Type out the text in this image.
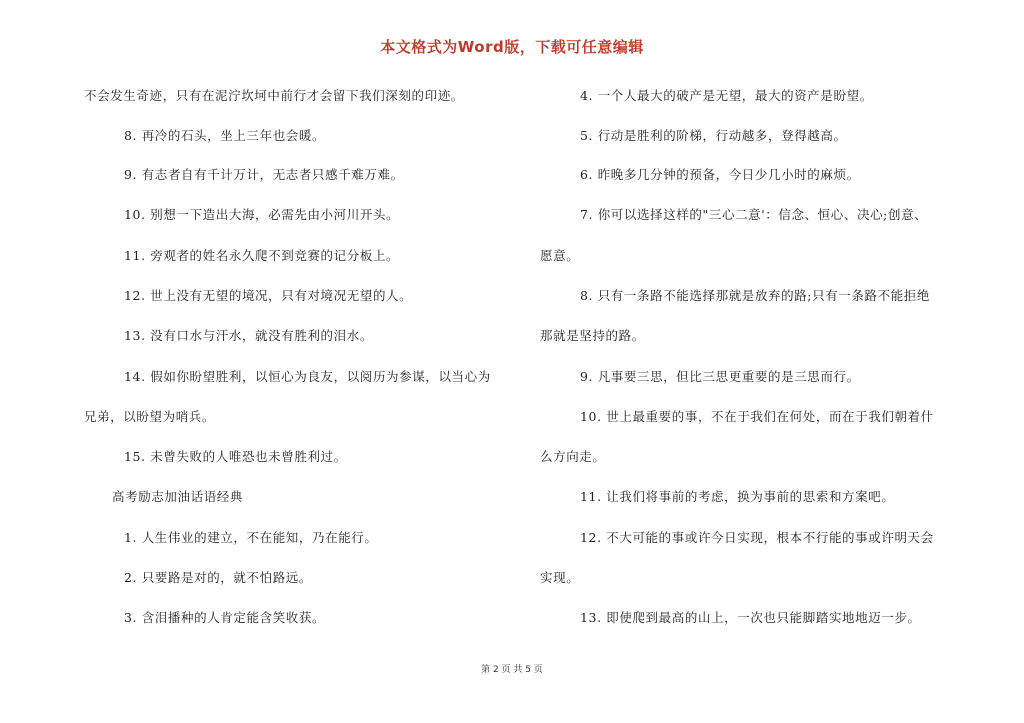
本文格式为Word版，下载可任意编辑
不会发生奇迹，只有在泥泞坎坷中前行才会留下我们深刻的印迹。
8. 再冷的石头，坐上三年也会暖。
9. 有志者自有千计万计，无志者只感千难万难。
10. 别想一下造出大海，必需先由小河川开头。
11. 旁观者的姓名永久爬不到竞赛的记分板上。
12. 世上没有无望的境况，只有对境况无望的人。
13. 没有口水与汗水，就没有胜利的泪水。
14. 假如你盼望胜利，以恒心为良友，以阅历为参谋，以当心为
兄弟，以盼望为哨兵。
15. 未曾失败的人唯恐也未曾胜利过。
高考励志加油话语经典
1. 人生伟业的建立，不在能知，乃在能行。
2. 只要路是对的，就不怕路远。
3. 含泪播种的人肯定能含笑收获。
4. 一个人最大的破产是无望，最大的资产是盼望。
5. 行动是胜利的阶梯，行动越多，登得越高。
6. 昨晚多几分钟的预备，今日少几小时的麻烦。
7. 你可以选择这样的"三心二意'：信念、恒心、决心;创意、
愿意。
8. 只有一条路不能选择那就是放弃的路;只有一条路不能拒绝
那就是坚持的路。
9. 凡事要三思，但比三思更重要的是三思而行。
10. 世上最重要的事，不在于我们在何处，而在于我们朝着什
么方向走。
11. 让我们将事前的考虑，换为事前的思索和方案吧。
12. 不大可能的事或许今日实现，根本不行能的事或许明天会
实现。
13. 即使爬到最高的山上，一次也只能脚踏实地地迈一步。
第 2 页 共 5 页
